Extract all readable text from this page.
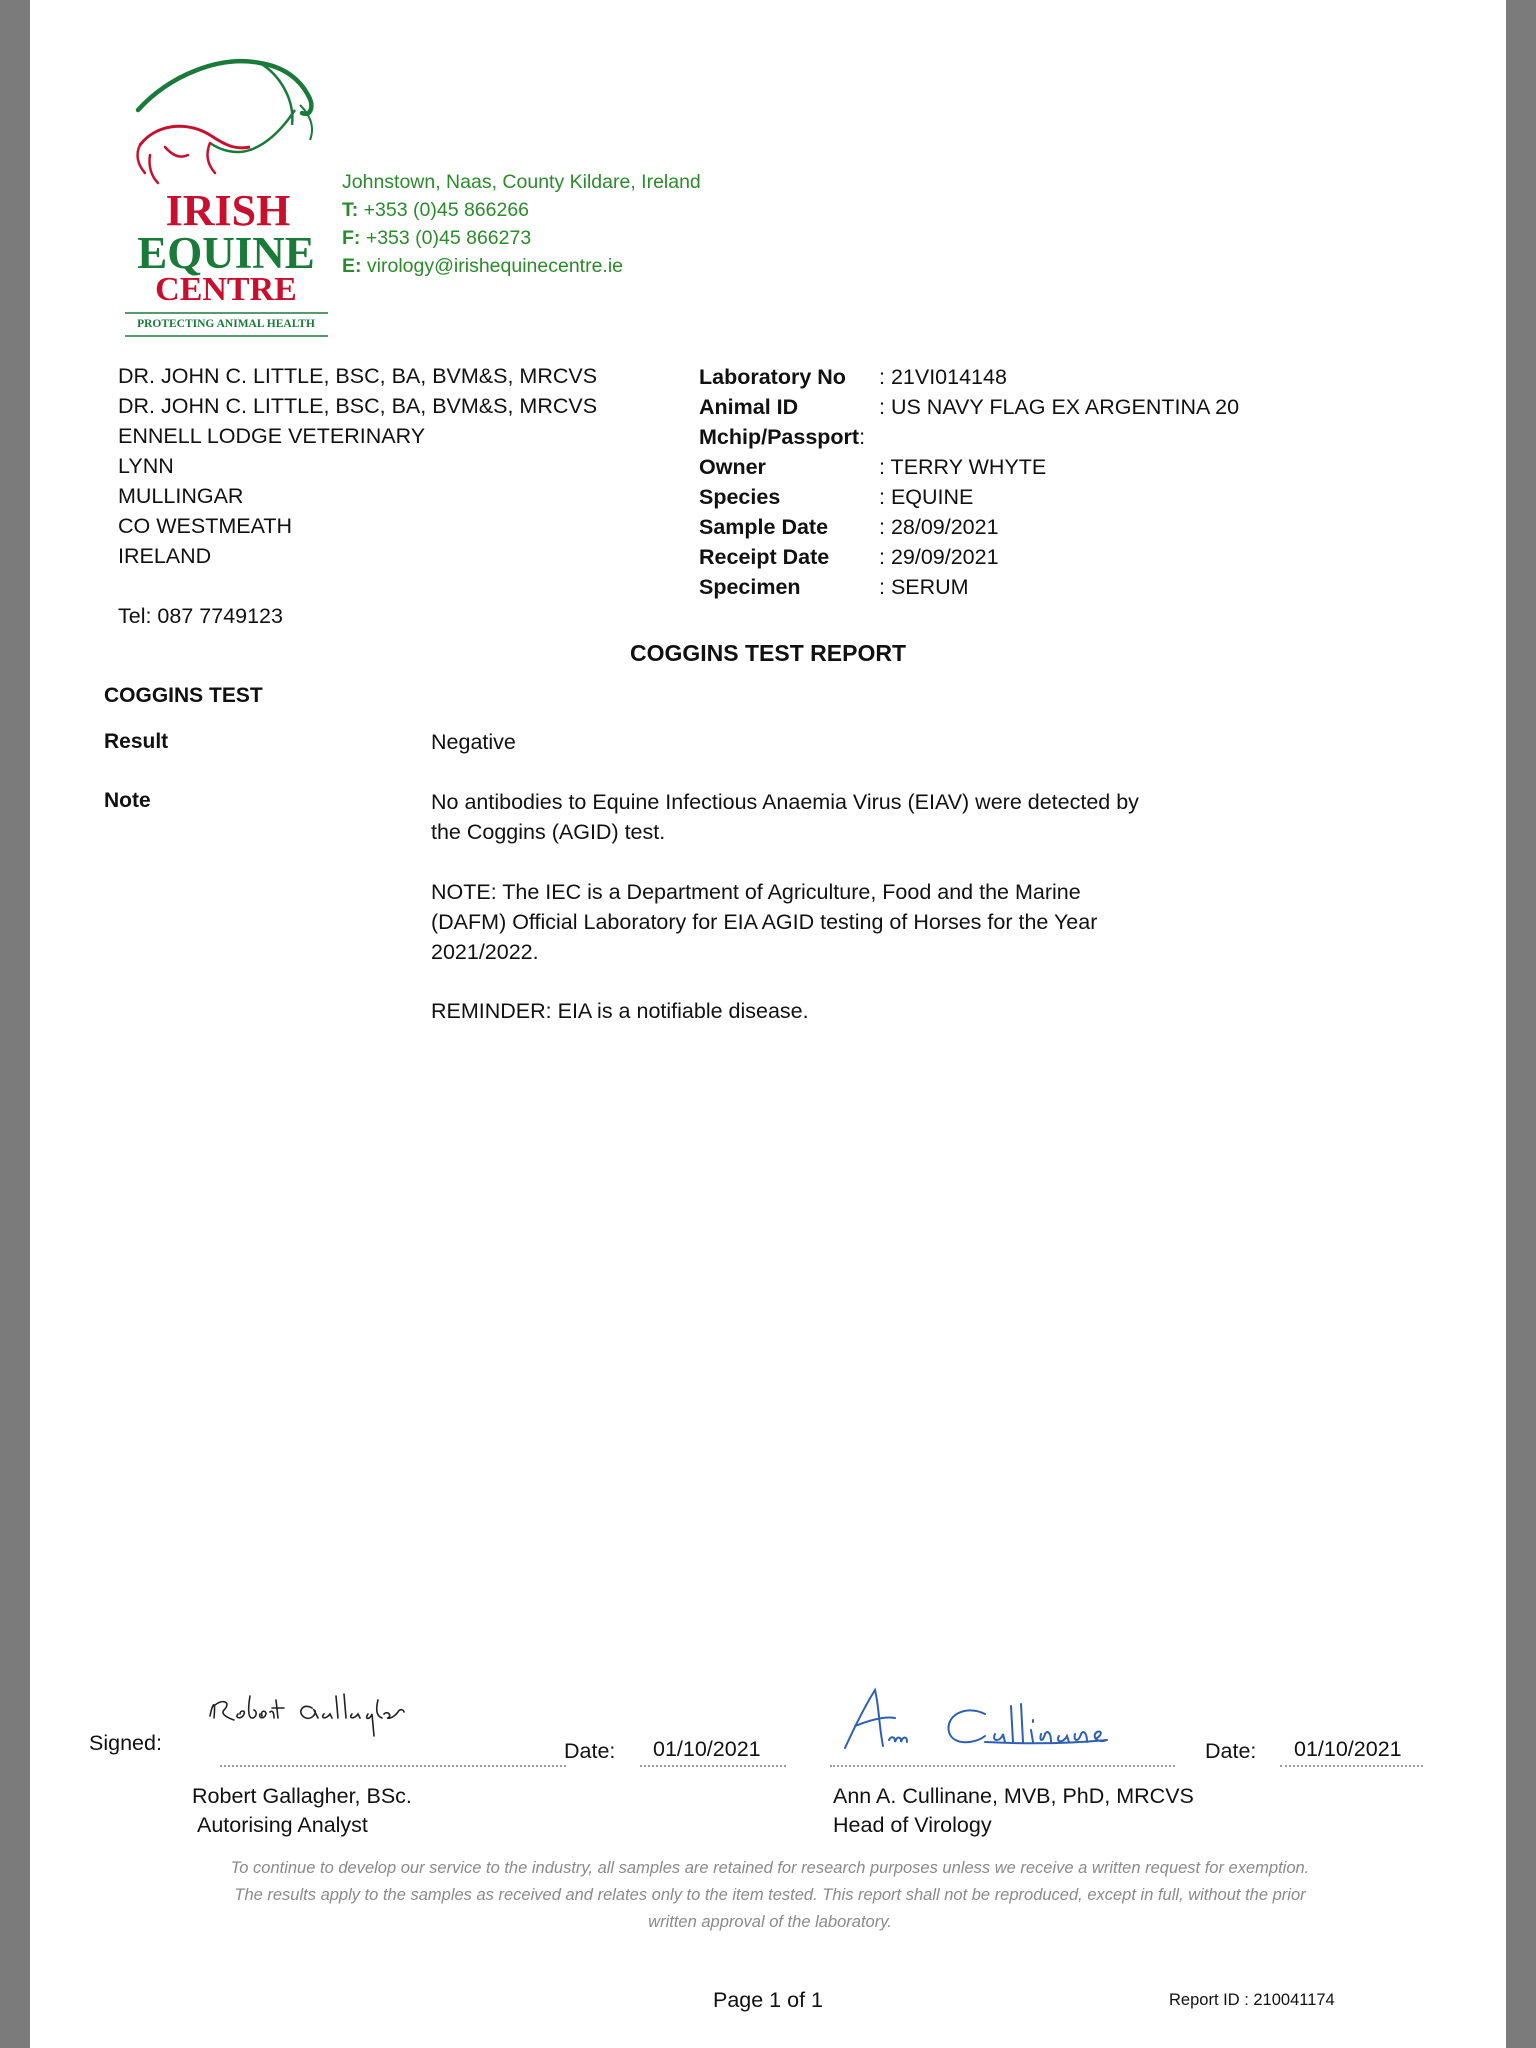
IRISH
EQUINE
CENTRE
PROTECTING ANIMAL HEALTH
Johnstown, Naas, County Kildare, Ireland
T: +353 (0)45 866266
F: +353 (0)45 866273
E: virology@irishequinecentre.ie
DR. JOHN C. LITTLE, BSC, BA, BVM&S, MRCVS
DR. JOHN C. LITTLE, BSC, BA, BVM&S, MRCVS
ENNELL LODGE VETERINARY
LYNN
MULLINGAR
CO WESTMEATH
IRELAND
Tel: 087 7749123
Laboratory No	: 21VI014148
Animal ID	: US NAVY FLAG EX ARGENTINA 20
Mchip/Passport :
Owner	: TERRY WHYTE
Species	: EQUINE
Sample Date	: 28/09/2021
Receipt Date	: 29/09/2021
Specimen	: SERUM
COGGINS TEST REPORT
COGGINS TEST
Result	Negative
Note	No antibodies to Equine Infectious Anaemia Virus (EIAV) were detected by
the Coggins (AGID) test.
NOTE: The IEC is a Department of Agriculture, Food and the Marine
(DAFM) Official Laboratory for EIA AGID testing of Horses for the Year
2021/2022.
REMINDER: EIA is a notifiable disease.
Signed:	Date: 01/10/2021
Robert Gallagher, BSc.
Autorising Analyst
Date: 01/10/2021
Ann A. Cullinane, MVB, PhD, MRCVS
Head of Virology
To continue to develop our service to the industry, all samples are retained for research purposes unless we receive a written request for exemption.
The results apply to the samples as received and relates only to the item tested. This report shall not be reproduced, except in full, without the prior
written approval of the laboratory.
Page 1 of 1	Report ID : 210041174
